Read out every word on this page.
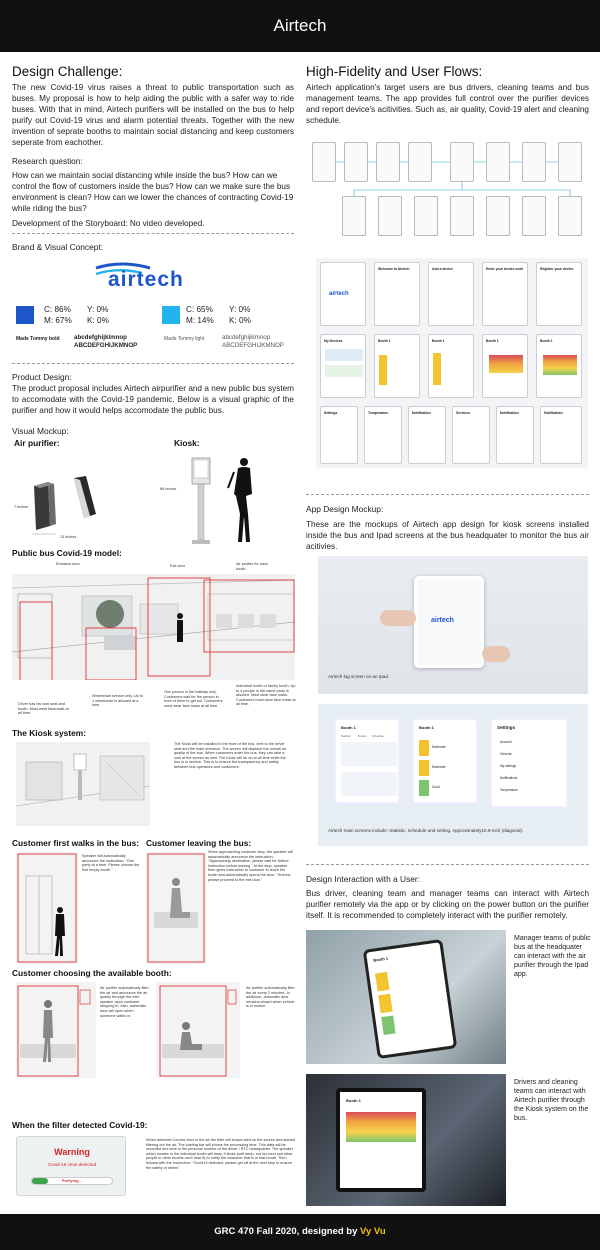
Airtech
Design Challenge:
The new Covid-19 virus raises a threat to public transportation such as buses. My proposal is how to help aiding the public with a safer way to ride buses. With that in mind, Airtech purifiers will be installed on the bus to help purify out Covid-19 virus and alarm potential threats. Together with the new invention of seprate booths to maintain social distancing and keep customers seperate from eachother.
Research question:
How can we maintain social distancing while inside the bus? How can we control the flow of customers inside the bus? How can we make sure the bus environment is clean? How can we lower the chances of contracting Covid-19 while riding the bus?
Development of the Storyboard: No video developed.
Brand & Visual Concept:
airtech
C: 86%
M: 67%
Y: 0%
K: 0%
C: 65%
M: 14%
Y: 0%
K: 0%
Made Tommy bold abcdefghijklmnop
ABCDEFGHIJKMNOP
Made Tommy light	abcdefghijklmnop
ABCDEFGHIJKMNOP
Product Design:
The product proposal includes Airtech airpurifier and a new public bus system to accomodate with the Covid-19 pandemic. Below is a visual graphic of the purifier and how it would helps accomodate the public bus.
Visual Mockup:
Air purifier:	Kiosk:
7 inches
13 inches
66 inches
Public bus Covid-19 model:
Entrance door	Exit door	Air purifier for each booth
Driver has his own seat and booth. Must wear facemask at all time.
Wheelchair service only. Up to 1 wheelchair is allowed at a time.
One person in the hallway only. Customers wait for the person in front of them to get out. Customers must wear face mask at all time.
Individual booth or family booth. Up to 4 people in the same party is allowed. Must wear face mask. Customers must wear face mask at all time.
The Kiosk system:
The Kiosk will be installed in the front of the bus, next to the driver seat and the main entrance. The screen will displace the overall air quality of the bus. When customers enter the bus, they can take a look at the screen as well. The Kiosk will be on at all time while the bus is in service. This is to ensure the transparency and safety between bus operators and customers.
Customer first walks in the bus: Customer leaving the bus:
Speaker will automatically announce the instruction: "One party at a time. Please choose the first empty booth."
When approaching customer stop, the speaker will automatically announce the instruction: "Approaching destination, please wait for further instruction before leaving." At the stop, speaker then gives instruction to customer to leave the booth and automatically opens the door: "Arrived, please proceed to the exit door."
Customer choosing the available booth:
Air purifier automatically filter the air and announce the air quality through the mini speaker upon customer stepping in. Also, automatic door will open when someone walks in.
Air purifier automatically filter the air every 2 minutes. In additiuon, automatic door remains closed when vehicle is in motion.
When the filter detected Covid-19:
Warning
Covid-19 virus detected
Purifying...
When detected Corona virus in the air the filter will shows alert on the screen and started filtering out the air. The loading bar will shows the processing time. This data will be recorded and sent to the personal monitor of the driver / RTC headquarter. The speaker which locates in the individual booth will beep 3 times (soft beep, not too loud and other people in other booths can't hear it) to notify the customer that is in that booth. Then follows with the instruction: "Covid19 detected, please get off at the next stop to ensure the safety of others"
High-Fidelity and User Flows:
Airtech application's target users are bus drivers, cleaning teams and bus management teams. The app provides full control over the purifier devices and report device's acitivities. Such as, air quality, Covid-19 alert and cleaning schedule.
airtech
Welcome to Airtech	Add a device	Enter your device code	Register your device
My Devices	Booth 1	Booth 1	Booth 1	Booth 1
Settings	Temperature	Notification	Services	Notification	Notification
App Design Mockup:
These are the mockups of Airtech app design for kiosk screens installed inside the bus and Ipad screens at the bus headquater to monitor the bus air acitivies.
airtech
Airtech log screen on an Ipad.
Booth 1
Statistic	Modes Schedule
Booth 1
Moderate
Moderate
Good
Settings
Account
General
My settings
Notifications
Temperature
Airtech main screens include: Statistic, schedule and setting. Approximately10.9-inch (diagonal).
Design Interaction with a User:
Bus driver, cleaning team and manager teams can interact with Airtech purifier remotely via the app or by clicking on the power button on the purifier itself. It is recommended to completely interact with the purifier remotely.
Booth 1
Manager teams of public bus at the headquater can interact with the air purifier through the Ipad app.
Booth 1
Drivers and cleaning teams can interact with Airtech purifier through the Kiosk system on the bus.
GRC 470 Fall 2020, designed by Vy Vu
